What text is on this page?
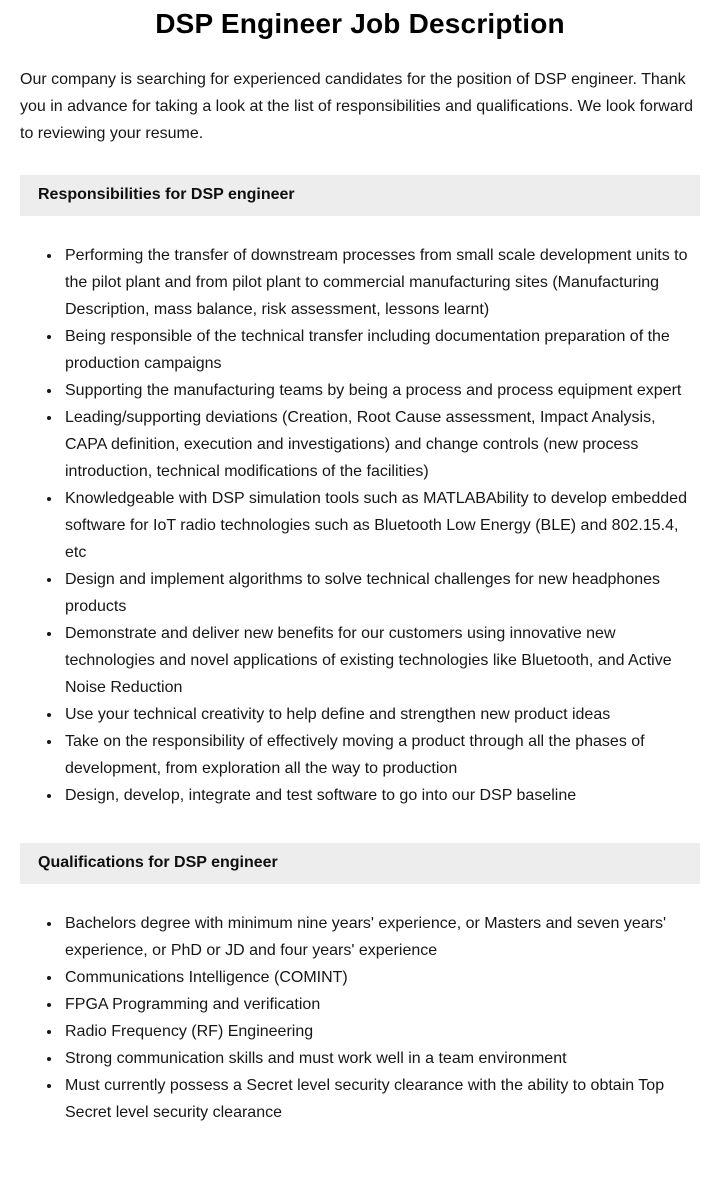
DSP Engineer Job Description

Our company is searching for experienced candidates for the position of DSP engineer. Thank you in advance for taking a look at the list of responsibilities and qualifications. We look forward to reviewing your resume.

Responsibilities for DSP engineer
• Performing the transfer of downstream processes from small scale development units to the pilot plant and from pilot plant to commercial manufacturing sites (Manufacturing Description, mass balance, risk assessment, lessons learnt)
• Being responsible of the technical transfer including documentation preparation of the production campaigns
• Supporting the manufacturing teams by being a process and process equipment expert
• Leading/supporting deviations (Creation, Root Cause assessment, Impact Analysis, CAPA definition, execution and investigations) and change controls (new process introduction, technical modifications of the facilities)
• Knowledgeable with DSP simulation tools such as MATLABAbility to develop embedded software for IoT radio technologies such as Bluetooth Low Energy (BLE) and 802.15.4, etc
• Design and implement algorithms to solve technical challenges for new headphones products
• Demonstrate and deliver new benefits for our customers using innovative new technologies and novel applications of existing technologies like Bluetooth, and Active Noise Reduction
• Use your technical creativity to help define and strengthen new product ideas
• Take on the responsibility of effectively moving a product through all the phases of development, from exploration all the way to production
• Design, develop, integrate and test software to go into our DSP baseline
Qualifications for DSP engineer
• Bachelors degree with minimum nine years' experience, or Masters and seven years' experience, or PhD or JD and four years' experience
• Communications Intelligence (COMINT)
• FPGA Programming and verification
• Radio Frequency (RF) Engineering
• Strong communication skills and must work well in a team environment
• Must currently possess a Secret level security clearance with the ability to obtain Top Secret level security clearance
